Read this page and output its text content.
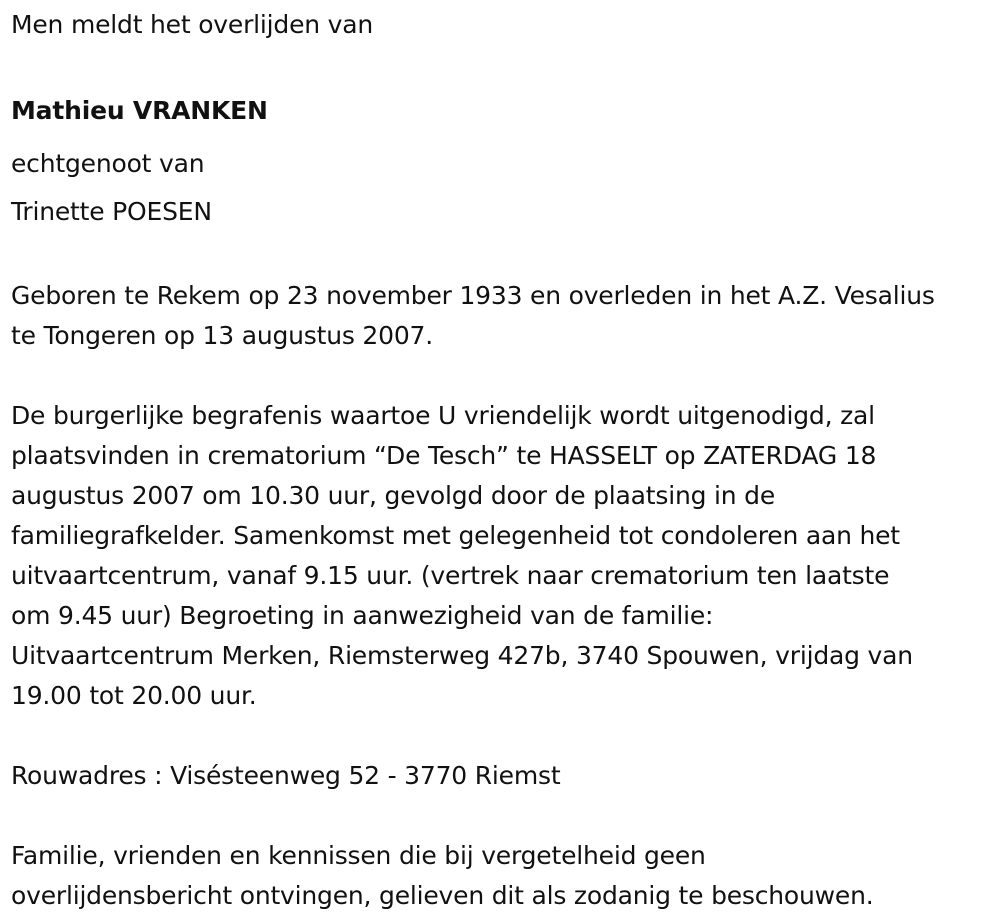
Men meldt het overlijden van
Mathieu VRANKEN
echtgenoot van
Trinette POESEN
Geboren te Rekem op 23 november 1933 en overleden in het A.Z. Vesalius
te Tongeren op 13 augustus 2007.
De burgerlijke begrafenis waartoe U vriendelijk wordt uitgenodigd, zal
plaatsvinden in crematorium “De Tesch” te HASSELT op ZATERDAG 18
augustus 2007 om 10.30 uur, gevolgd door de plaatsing in de
familiegrafkelder. Samenkomst met gelegenheid tot condoleren aan het
uitvaartcentrum, vanaf 9.15 uur. (vertrek naar crematorium ten laatste
om 9.45 uur) Begroeting in aanwezigheid van de familie:
Uitvaartcentrum Merken, Riemsterweg 427b, 3740 Spouwen, vrijdag van
19.00 tot 20.00 uur.
Rouwadres : Visésteenweg 52 - 3770 Riemst
Familie, vrienden en kennissen die bij vergetelheid geen
overlijdensbericht ontvingen, gelieven dit als zodanig te beschouwen.
